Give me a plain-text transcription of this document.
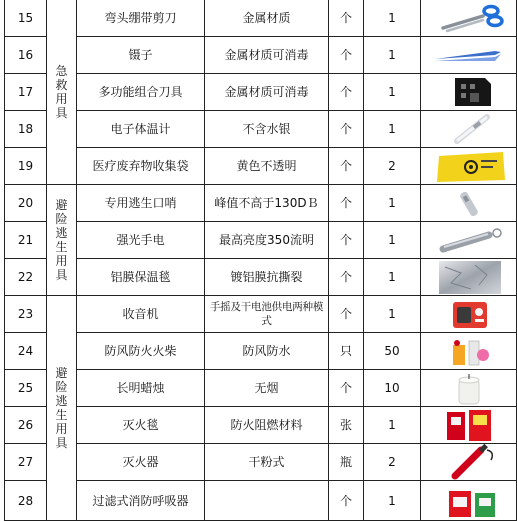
15	急救用具	弯头绷带剪刀	金属材质	个	1	

16		镊子	金属材质可消毒	个	1	

17		多功能组合刀具	金属材质可消毒	个	1	

18		电子体温计	不含水银	个	1	

19		医疗废弃物收集袋	黄色不透明	个	2	

20	避险逃生用具	专用逃生口哨	峰值不高于130DＢ	个	1	

21		强光手电	最高亮度350流明	个	1	

22		铝膜保温毯	镀铝膜抗撕裂	个	1	

23	避险逃生用具	收音机	手摇及干电池供电两种模式	个	1	

24		防风防火火柴	防风防水	只	50	

25		长明蜡烛	无烟	个	10	

26		灭火毯	防火阻燃材料	张	1	

27		灭火器	干粉式	瓶	2	

28		过滤式消防呼吸器		个	1	
